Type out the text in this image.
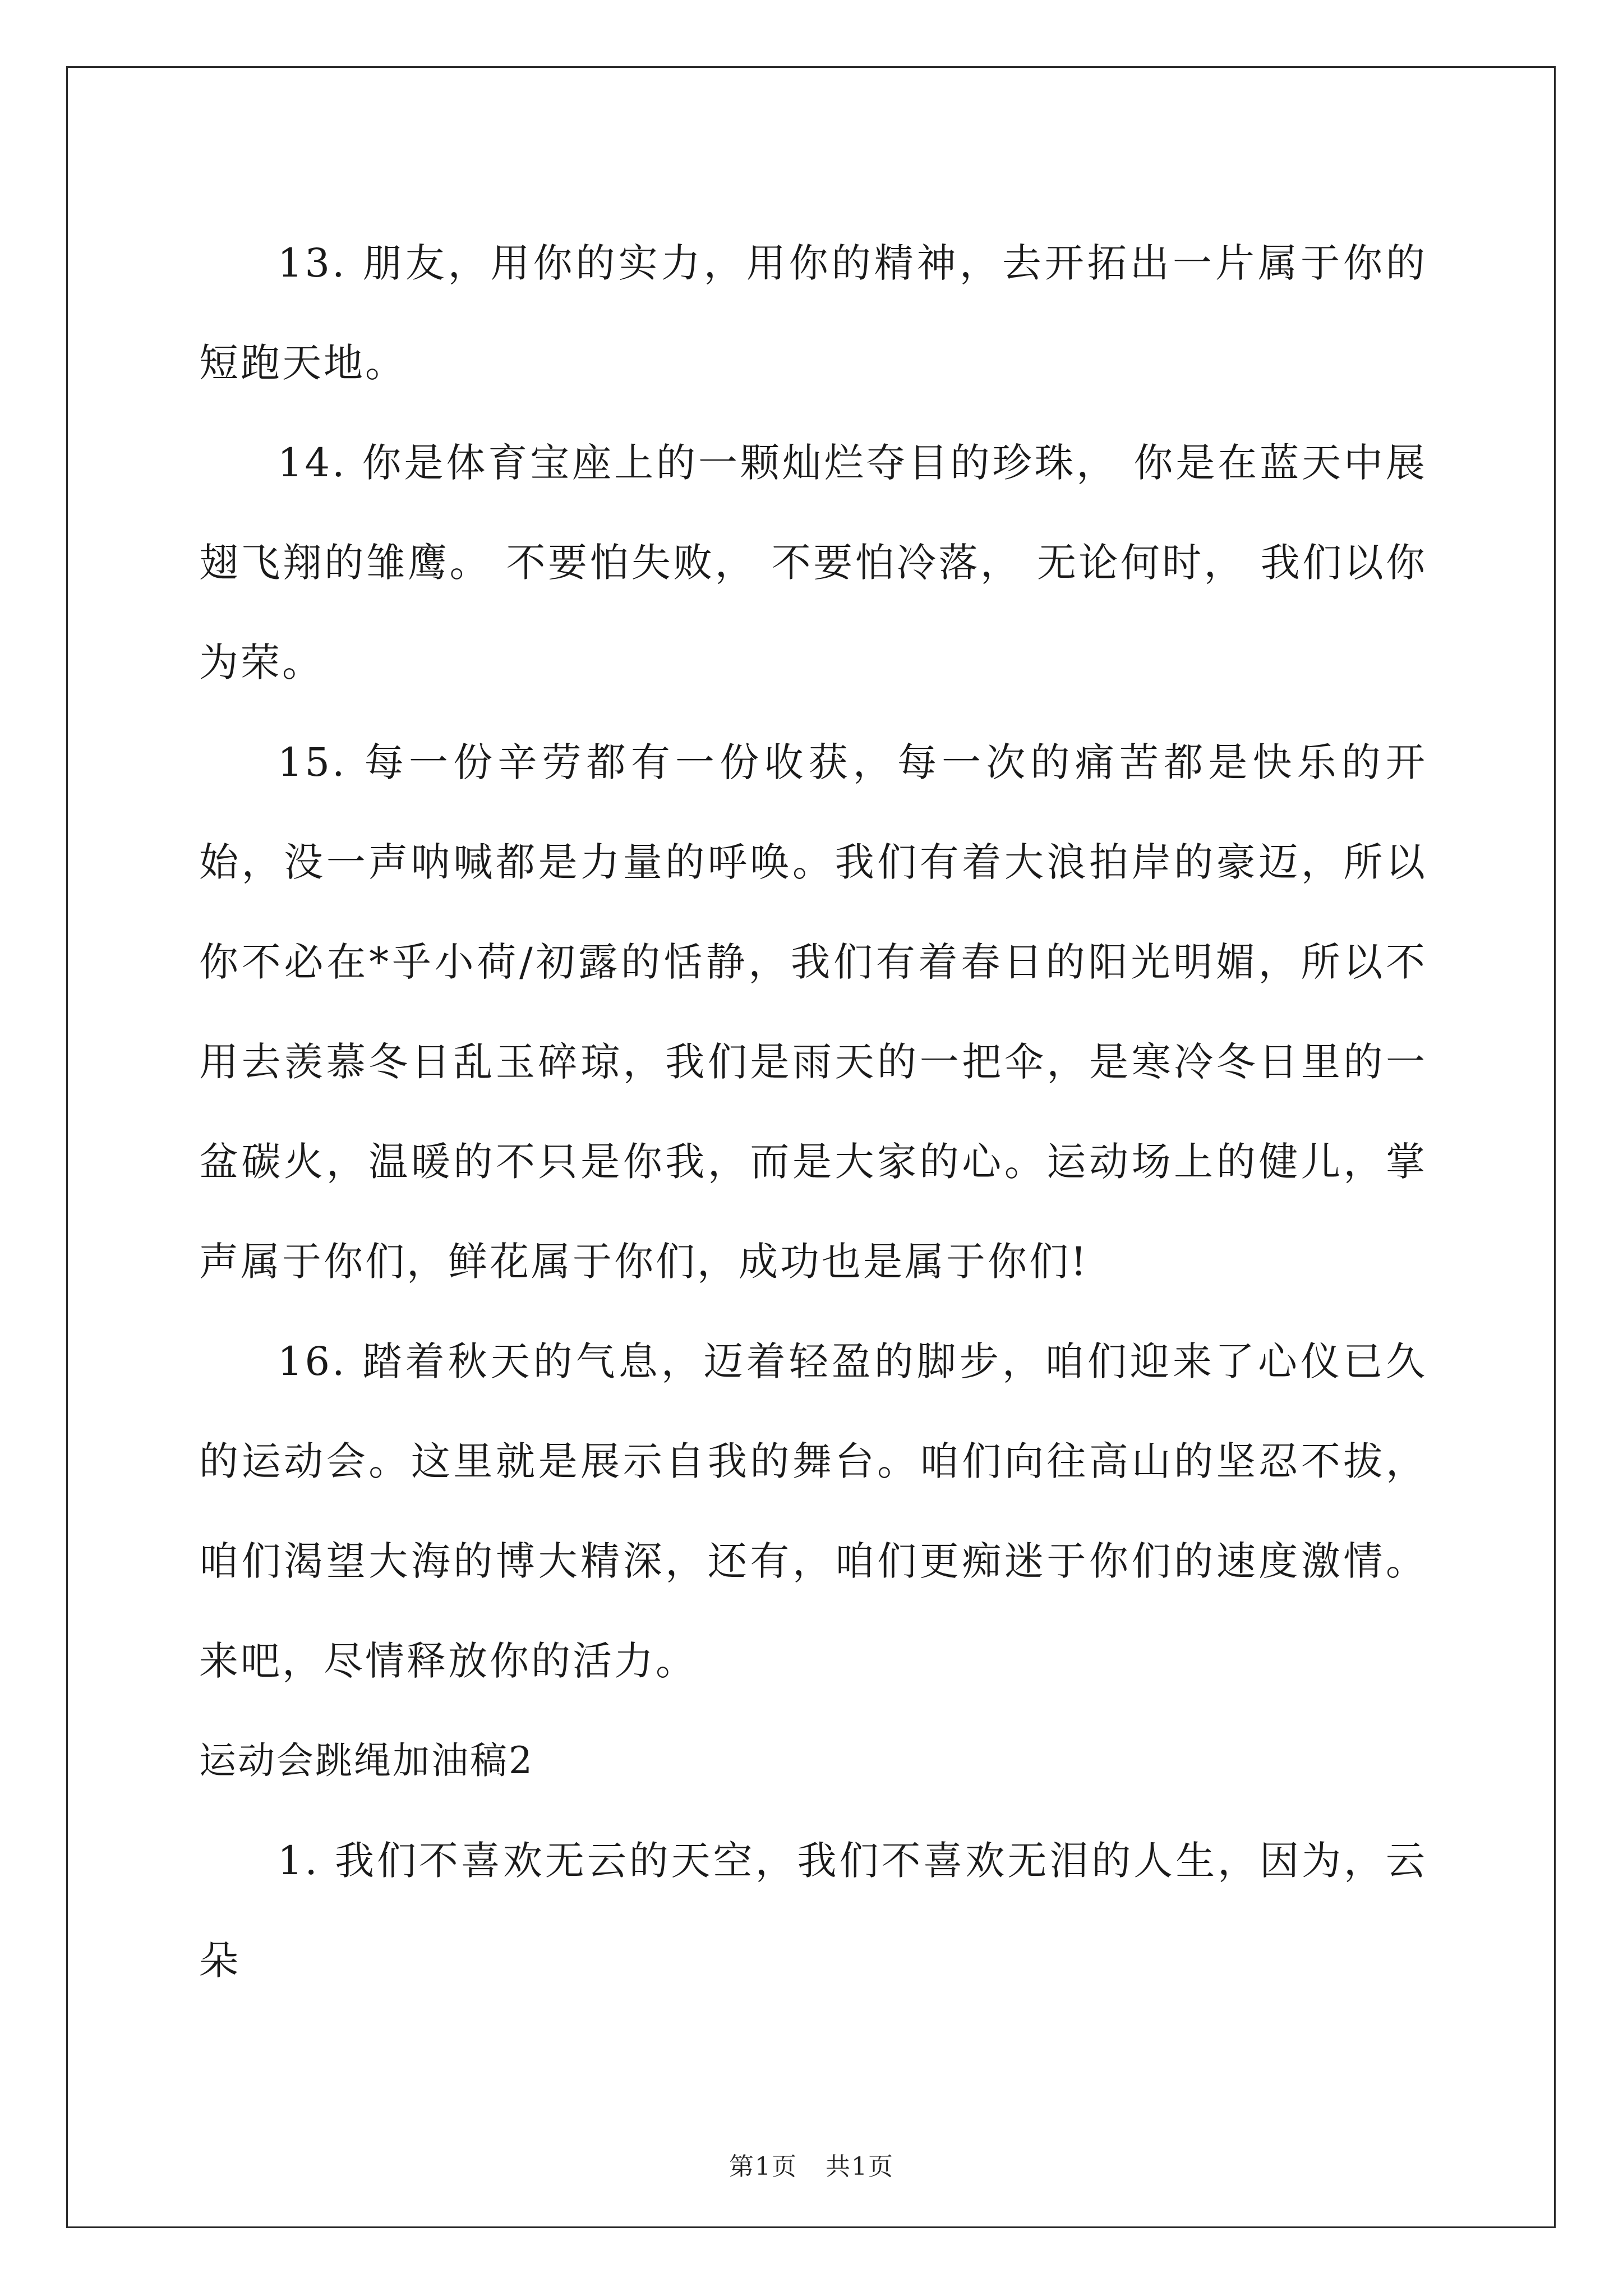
13. 朋友，用你的实力，用你的精神，去开拓出一片属于你的短跑天地。

14. 你是体育宝座上的一颗灿烂夺目的珍珠， 你是在蓝天中展翅飞翔的雏鹰。 不要怕失败， 不要怕冷落， 无论何时， 我们以你为荣。

15. 每一份辛劳都有一份收获，每一次的痛苦都是快乐的开始，没一声呐喊都是力量的呼唤。我们有着大浪拍岸的豪迈，所以你不必在*乎小荷/初露的恬静，我们有着春日的阳光明媚，所以不用去羡慕冬日乱玉碎琼，我们是雨天的一把伞，是寒冷冬日里的一盆碳火，温暖的不只是你我，而是大家的心。运动场上的健儿，掌声属于你们，鲜花属于你们，成功也是属于你们!

16. 踏着秋天的气息，迈着轻盈的脚步，咱们迎来了心仪已久的运动会。这里就是展示自我的舞台。咱们向往高山的坚忍不拔，咱们渴望大海的博大精深，还有，咱们更痴迷于你们的速度激情。来吧，尽情释放你的活力。

运动会跳绳加油稿2

1. 我们不喜欢无云的天空，我们不喜欢无泪的人生，因为，云朵

第1页 共1页
